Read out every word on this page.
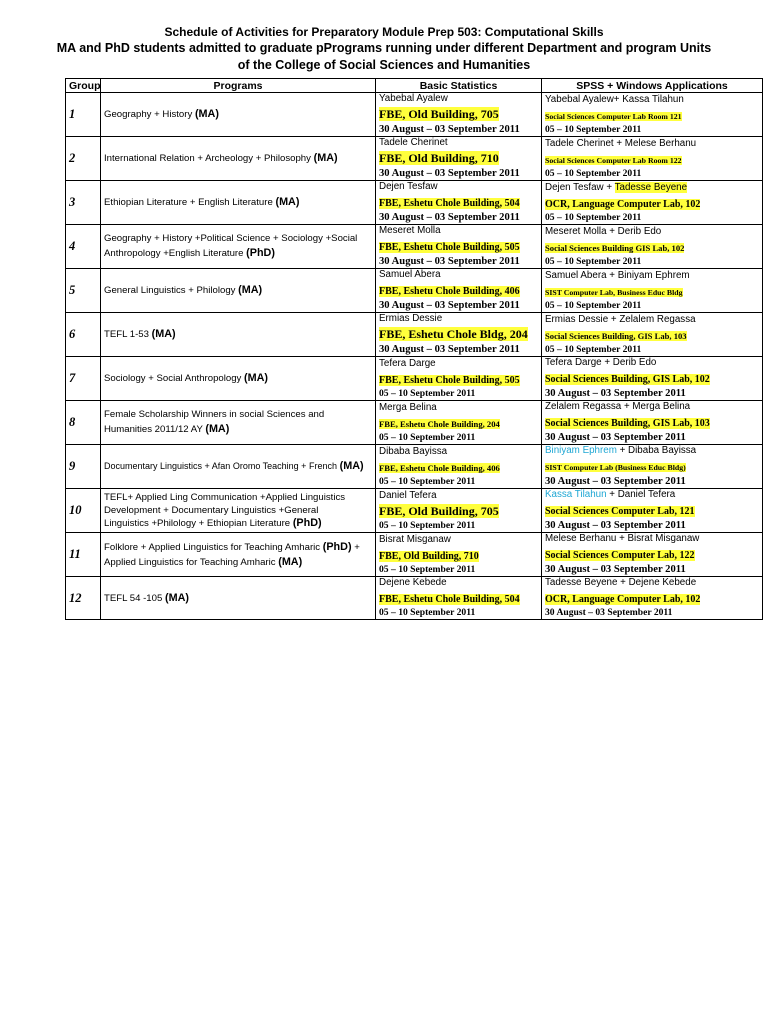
Schedule of Activities for Preparatory Module Prep 503: Computational Skills
MA and PhD students admitted to graduate pPrograms running under different Department and program Units
of the College of Social Sciences and Humanities
Group	Programs	Basic Statistics	SPSS + Windows Applications
1	Geography + History (MA)	Yabebal Ayalew
FBE, Old Building, 705
30 August – 03 September 2011	Yabebal Ayalew+ Kassa Tilahun
Social Sciences Computer Lab Room 121
05 – 10 September 2011

2	International Relation + Archeology + Philosophy (MA)	Tadele Cherinet
FBE, Old Building, 710
30 August – 03 September 2011	Tadele Cherinet + Melese Berhanu
Social Sciences Computer Lab Room 122
05 – 10 September 2011

3	Ethiopian Literature + English Literature (MA)	Dejen Tesfaw
FBE, Eshetu Chole Building, 504
30 August – 03 September 2011	Dejen Tesfaw + Tadesse Beyene
OCR, Language Computer Lab, 102
05 – 10 September 2011

4	Geography + History +Political Science + Sociology +Social
Anthropology +English Literature (PhD)	Meseret Molla
FBE, Eshetu Chole Building, 505
30 August – 03 September 2011	Meseret Molla + Derib Edo
Social Sciences Building GIS Lab, 102
05 – 10 September 2011

5	General Linguistics + Philology (MA)	Samuel Abera
FBE, Eshetu Chole Building, 406
30 August – 03 September 2011	Samuel Abera + Biniyam Ephrem
SIST Computer Lab, Business Educ Bldg
05 – 10 September 2011

6	TEFL 1-53 (MA)	Ermias Dessie
FBE, Eshetu Chole Bldg, 204
30 August – 03 September 2011	Ermias Dessie + Zelalem Regassa
Social Sciences Building, GIS Lab, 103
05 – 10 September 2011

7	Sociology + Social Anthropology (MA)	Tefera Darge
FBE, Eshetu Chole Building, 505
05 – 10 September 2011	Tefera Darge + Derib Edo
Social Sciences Building, GIS Lab, 102
30 August – 03 September 2011

8	Female Scholarship Winners in social Sciences and
Humanities 2011/12 AY (MA)	Merga Belina
FBE, Eshetu Chole Building, 204
05 – 10 September 2011	Zelalem Regassa + Merga Belina
Social Sciences Building, GIS Lab, 103
30 August – 03 September 2011

9	Documentary Linguistics + Afan Oromo Teaching + French (MA)	Dibaba Bayissa
FBE, Eshetu Chole Building, 406
05 – 10 September 2011	Biniyam Ephrem + Dibaba Bayissa
SIST Computer Lab (Business Educ Bldg)
30 August – 03 September 2011

10	TEFL+ Applied Ling Communication +Applied Linguistics
Development + Documentary Linguistics +General
Linguistics +Philology + Ethiopian Literature (PhD)	Daniel Tefera
FBE, Old Building, 705
05 – 10 September 2011	Kassa Tilahun + Daniel Tefera
Social Sciences Computer Lab, 121
30 August – 03 September 2011

11	Folklore + Applied Linguistics for Teaching Amharic (PhD) +
Applied Linguistics for Teaching Amharic (MA)	Bisrat Misganaw
FBE, Old Building, 710
05 – 10 September 2011	Melese Berhanu + Bisrat Misganaw
Social Sciences Computer Lab, 122
30 August – 03 September 2011

12	TEFL 54 -105 (MA)	Dejene Kebede
FBE, Eshetu Chole Building, 504
05 – 10 September 2011	Tadesse Beyene + Dejene Kebede
OCR, Language Computer Lab, 102
30 August – 03 September 2011
